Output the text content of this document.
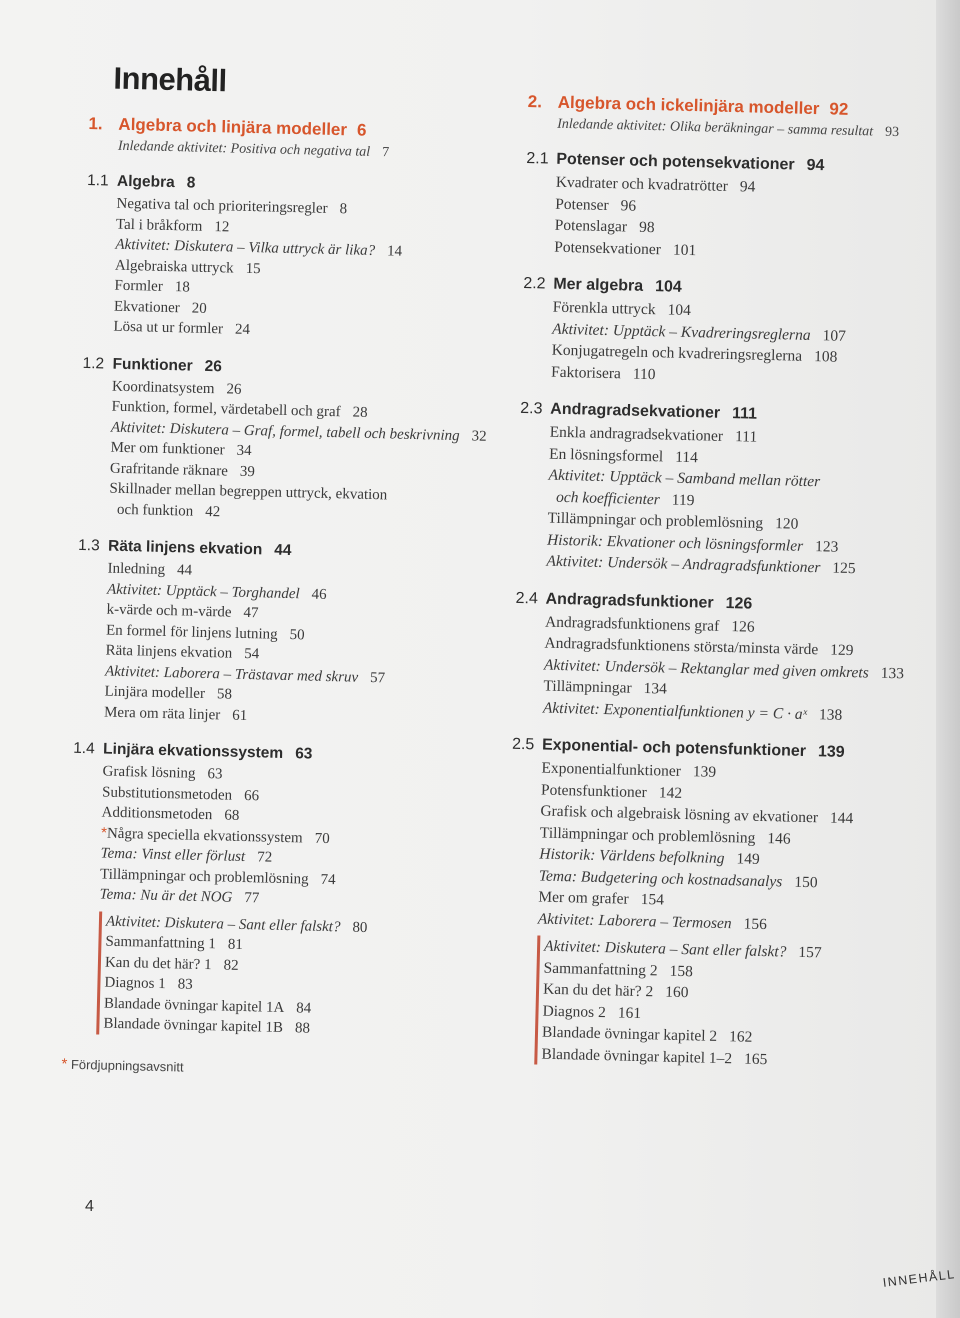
Innehåll
1. Algebra och linjära modeller 6
Inledande aktivitet: Positiva och negativa tal 7
1.1 Algebra 8
Negativa tal och prioriteringsregler 8
Tal i bråkform 12
Aktivitet: Diskutera – Vilka uttryck är lika? 14
Algebraiska uttryck 15
Formler 18
Ekvationer 20
Lösa ut ur formler 24
1.2 Funktioner 26
Koordinatsystem 26
Funktion, formel, värdetabell och graf 28
Aktivitet: Diskutera – Graf, formel, tabell och beskrivning 32
Mer om funktioner 34
Grafritande räknare 39
Skillnader mellan begreppen uttryck, ekvation
och funktion 42
1.3 Räta linjens ekvation 44
Inledning 44
Aktivitet: Upptäck – Torghandel 46
k-värde och m-värde 47
En formel för linjens lutning 50
Räta linjens ekvation 54
Aktivitet: Laborera – Trästavar med skruv 57
Linjära modeller 58
Mera om räta linjer 61
1.4 Linjära ekvationssystem 63
Grafisk lösning 63
Substitutionsmetoden 66
Additionsmetoden 68
*Några speciella ekvationssystem 70
Tema: Vinst eller förlust 72
Tillämpningar och problemlösning 74
Tema: Nu är det NOG 77
Aktivitet: Diskutera – Sant eller falskt? 80
Sammanfattning 1 81
Kan du det här? 1 82
Diagnos 1 83
Blandade övningar kapitel 1A 84
Blandade övningar kapitel 1B 88
* Fördjupningsavsnitt
2. Algebra och ickelinjära modeller 92
Inledande aktivitet: Olika beräkningar – samma resultat 93
2.1 Potenser och potensekvationer 94
Kvadrater och kvadratrötter 94
Potenser 96
Potenslagar 98
Potensekvationer 101
2.2 Mer algebra 104
Förenkla uttryck 104
Aktivitet: Upptäck – Kvadreringsreglerna 107
Konjugatregeln och kvadreringsreglerna 108
Faktorisera 110
2.3 Andragradsekvationer 111
Enkla andragradsekvationer 111
En lösningsformel 114
Aktivitet: Upptäck – Samband mellan rötter
och koefficienter 119
Tillämpningar och problemlösning 120
Historik: Ekvationer och lösningsformler 123
Aktivitet: Undersök – Andragradsfunktioner 125
2.4 Andragradsfunktioner 126
Andragradsfunktionens graf 126
Andragradsfunktionens största/minsta värde 129
Aktivitet: Undersök – Rektanglar med given omkrets 133
Tillämpningar 134
Aktivitet: Exponentialfunktionen y = C · aˣ 138
2.5 Exponential- och potensfunktioner 139
Exponentialfunktioner 139
Potensfunktioner 142
Grafisk och algebraisk lösning av ekvationer 144
Tillämpningar och problemlösning 146
Historik: Världens befolkning 149
Tema: Budgetering och kostnadsanalys 150
Mer om grafer 154
Aktivitet: Laborera – Termosen 156
Aktivitet: Diskutera – Sant eller falskt? 157
Sammanfattning 2 158
Kan du det här? 2 160
Diagnos 2 161
Blandade övningar kapitel 2 162
Blandade övningar kapitel 1–2 165
4
INNEHÅLL
